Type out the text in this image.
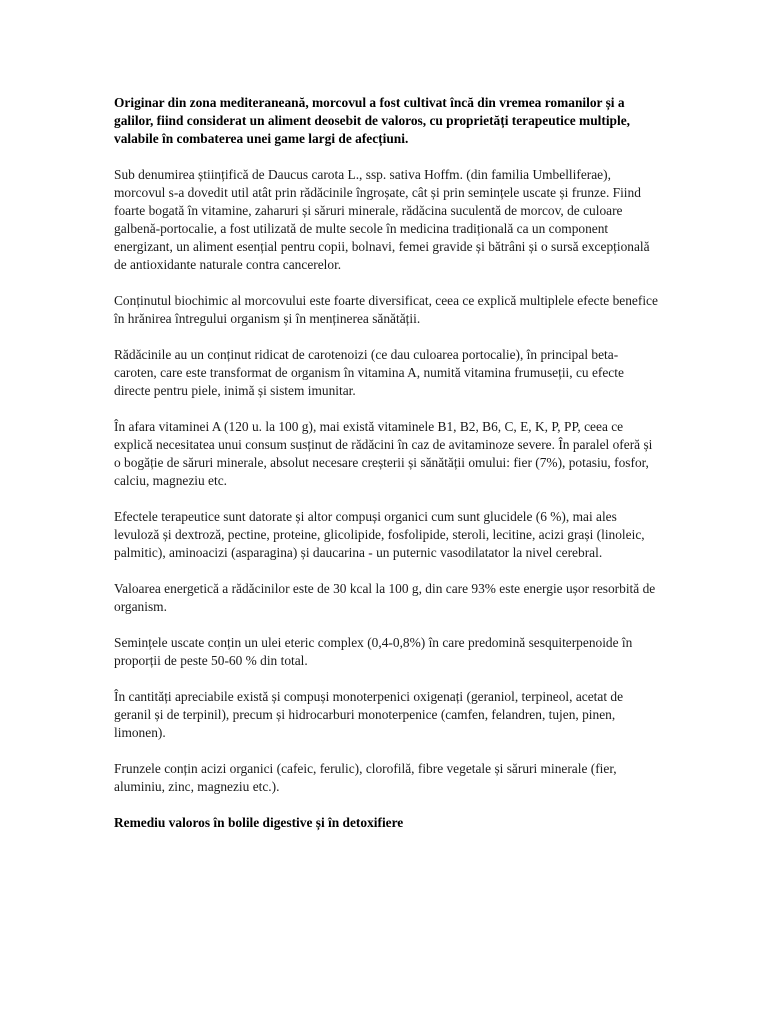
Originar din zona mediteraneană, morcovul a fost cultivat încă din vremea romanilor și a galilor, fiind considerat un aliment deosebit de valoros, cu proprietăți terapeutice multiple, valabile în combaterea unei game largi de afecțiuni.

Sub denumirea științifică de Daucus carota L., ssp. sativa Hoffm. (din familia Umbelliferae), morcovul s-a dovedit util atât prin rădăcinile îngroșate, cât și prin semințele uscate și frunze. Fiind foarte bogată în vitamine, zaharuri și săruri minerale, rădăcina suculentă de morcov, de culoare galbenă-portocalie, a fost utilizată de multe secole în medicina tradițională ca un component energizant, un aliment esențial pentru copii, bolnavi, femei gravide și bătrâni și o sursă excepțională de antioxidante naturale contra cancerelor.

Conținutul biochimic al morcovului este foarte diversificat, ceea ce explică multiplele efecte benefice în hrănirea întregului organism și în menținerea sănătății.

Rădăcinile au un conținut ridicat de carotenoizi (ce dau culoarea portocalie), în principal beta-caroten, care este transformat de organism în vitamina A, numită vitamina frumuseții, cu efecte directe pentru piele, inimă și sistem imunitar.

În afara vitaminei A (120 u. la 100 g), mai există vitaminele B1, B2, B6, C, E, K, P, PP, ceea ce explică necesitatea unui consum susținut de rădăcini în caz de avitaminoze severe. În paralel oferă și o bogăție de săruri minerale, absolut necesare creșterii și sănătății omului: fier (7%), potasiu, fosfor, calciu, magneziu etc.

Efectele terapeutice sunt datorate și altor compuși organici cum sunt glucidele (6 %), mai ales levuloză și dextroză, pectine, proteine, glicolipide, fosfolipide, steroli, lecitine, acizi grași (linoleic, palmitic), aminoacizi (asparagina) și daucarina - un puternic vasodilatator la nivel cerebral.

Valoarea energetică a rădăcinilor este de 30 kcal la 100 g, din care 93% este energie ușor resorbită de organism.

Semințele uscate conțin un ulei eteric complex (0,4-0,8%) în care predomină sesquiterpenoide în proporții de peste 50-60 % din total.

În cantități apreciabile există și compuși monoterpenici oxigenați (geraniol, terpineol, acetat de geranil și de terpinil), precum și hidrocarburi monoterpenice (camfen, felandren, tujen, pinen, limonen).

Frunzele conțin acizi organici (cafeic, ferulic), clorofilă, fibre vegetale și săruri minerale (fier, aluminiu, zinc, magneziu etc.).

Remediu valoros în bolile digestive și în detoxifiere
